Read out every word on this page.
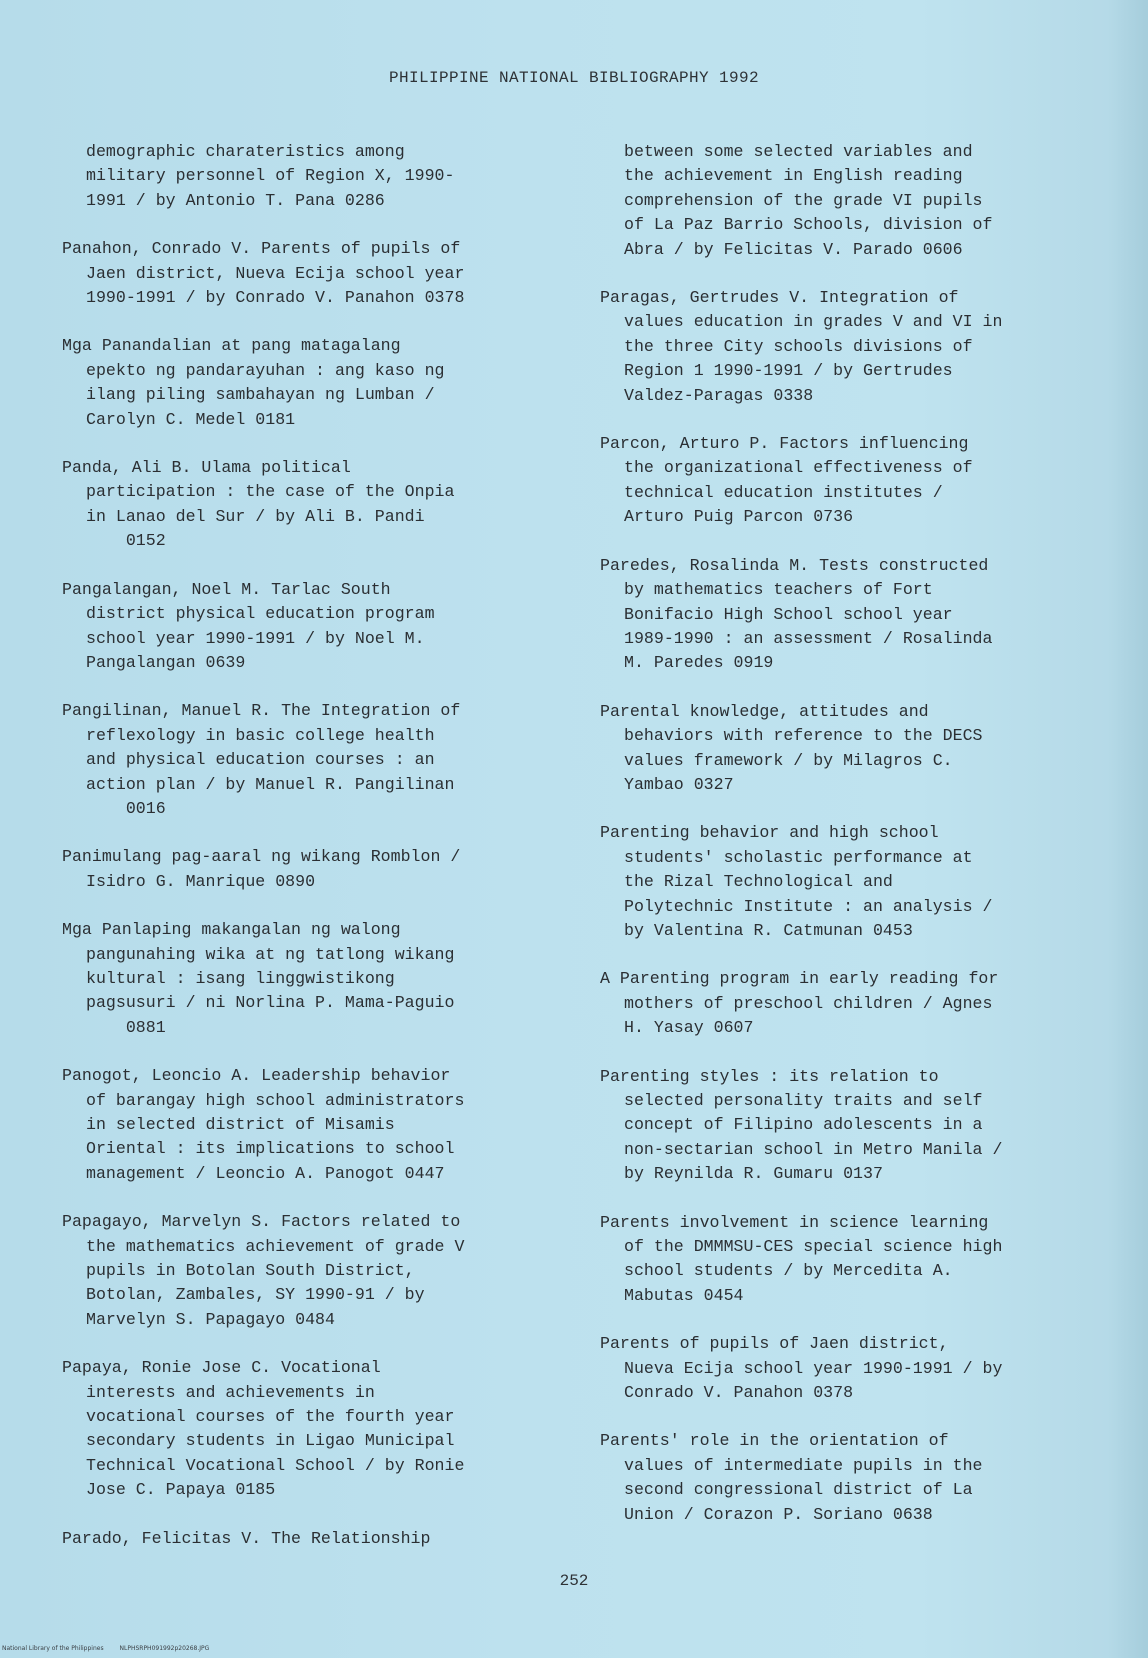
PHILIPPINE NATIONAL BIBLIOGRAPHY 1992

demographic charateristics among
military personnel of Region X, 1990-
1991 / by Antonio T. Pana 0286

Panahon, Conrado V. Parents of pupils of
Jaen district, Nueva Ecija school year
1990-1991 / by Conrado V. Panahon 0378

Mga Panandalian at pang matagalang
epekto ng pandarayuhan : ang kaso ng
ilang piling sambahayan ng Lumban /
Carolyn C. Medel 0181

Panda, Ali B. Ulama political
participation : the case of the Onpia
in Lanao del Sur / by Ali B. Pandi
0152

Pangalangan, Noel M. Tarlac South
district physical education program
school year 1990-1991 / by Noel M.
Pangalangan 0639

Pangilinan, Manuel R. The Integration of
reflexology in basic college health
and physical education courses : an
action plan / by Manuel R. Pangilinan
0016

Panimulang pag-aaral ng wikang Romblon /
Isidro G. Manrique 0890

Mga Panlaping makangalan ng walong
pangunahing wika at ng tatlong wikang
kultural : isang linggwistikong
pagsusuri / ni Norlina P. Mama-Paguio
0881

Panogot, Leoncio A. Leadership behavior
of barangay high school administrators
in selected district of Misamis
Oriental : its implications to school
management / Leoncio A. Panogot 0447

Papagayo, Marvelyn S. Factors related to
the mathematics achievement of grade V
pupils in Botolan South District,
Botolan, Zambales, SY 1990-91 / by
Marvelyn S. Papagayo 0484

Papaya, Ronie Jose C. Vocational
interests and achievements in
vocational courses of the fourth year
secondary students in Ligao Municipal
Technical Vocational School / by Ronie
Jose C. Papaya 0185

Parado, Felicitas V. The Relationship

between some selected variables and
the achievement in English reading
comprehension of the grade VI pupils
of La Paz Barrio Schools, division of
Abra / by Felicitas V. Parado 0606

Paragas, Gertrudes V. Integration of
values education in grades V and VI in
the three City schools divisions of
Region 1 1990-1991 / by Gertrudes
Valdez-Paragas 0338

Parcon, Arturo P. Factors influencing
the organizational effectiveness of
technical education institutes /
Arturo Puig Parcon 0736

Paredes, Rosalinda M. Tests constructed
by mathematics teachers of Fort
Bonifacio High School school year
1989-1990 : an assessment / Rosalinda
M. Paredes 0919

Parental knowledge, attitudes and
behaviors with reference to the DECS
values framework / by Milagros C.
Yambao 0327

Parenting behavior and high school
students' scholastic performance at
the Rizal Technological and
Polytechnic Institute : an analysis /
by Valentina R. Catmunan 0453

A Parenting program in early reading for
mothers of preschool children / Agnes
H. Yasay 0607

Parenting styles : its relation to
selected personality traits and self
concept of Filipino adolescents in a
non-sectarian school in Metro Manila /
by Reynilda R. Gumaru 0137

Parents involvement in science learning
of the DMMMSU-CES special science high
school students / by Mercedita A.
Mabutas 0454

Parents of pupils of Jaen district,
Nueva Ecija school year 1990-1991 / by
Conrado V. Panahon 0378

Parents' role in the orientation of
values of intermediate pupils in the
second congressional district of La
Union / Corazon P. Soriano 0638

252
National Library of the Philippines	NLPHSRPH091992p20268.JPG
